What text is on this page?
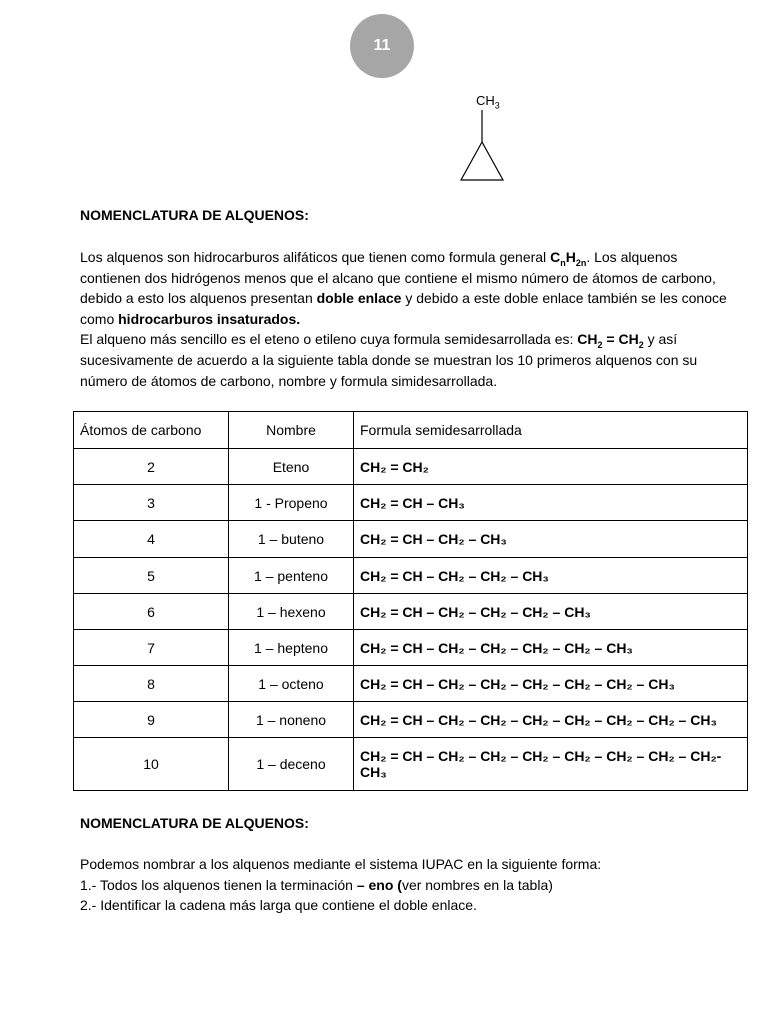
11
$CH_3$
NOMENCLATURA DE ALQUENOS:
Los alquenos son hidrocarburos alifáticos que tienen como formula general $C_nH_{2n}$. Los alquenos contienen dos hidrógenos menos que el alcano que contiene el mismo número de átomos de carbono, debido a esto los alquenos presentan doble enlace y debido a este doble enlace también se les conoce como hidrocarburos insaturados.
El alqueno más sencillo es el eteno o etileno cuya formula semidesarrollada es: $CH_2 = CH_2$ y así sucesivamente de acuerdo a la siguiente tabla donde se muestran los 10 primeros alquenos con su número de átomos de carbono, nombre y formula simidesarrollada.
Átomos de carbono	Nombre	Formula semidesarrollada
2	Eteno	CH₂ = CH₂
3	1 - Propeno	CH₂ = CH – CH₃
4	1 – buteno	CH₂ = CH – CH₂ – CH₃
5	1 – penteno	CH₂ = CH – CH₂ – CH₂ – CH₃
6	1 – hexeno	CH₂ = CH – CH₂ – CH₂ – CH₂ – CH₃
7	1 – hepteno	CH₂ = CH – CH₂ – CH₂ – CH₂ – CH₂ – CH₃
8	1 – octeno	CH₂ = CH – CH₂ – CH₂ – CH₂ – CH₂ – CH₂ – CH₃
9	1 – noneno	CH₂ = CH – CH₂ – CH₂ – CH₂ – CH₂ – CH₂ – CH₂ – CH₃
10	1 – deceno	CH₂ = CH – CH₂ – CH₂ – CH₂ – CH₂ – CH₂ – CH₂ – CH₂- CH₃
NOMENCLATURA DE ALQUENOS:
Podemos nombrar a los alquenos mediante el sistema IUPAC en la siguiente forma:
1.- Todos los alquenos tienen la terminación – eno (ver nombres en la tabla)
2.- Identificar la cadena más larga que contiene el doble enlace.
